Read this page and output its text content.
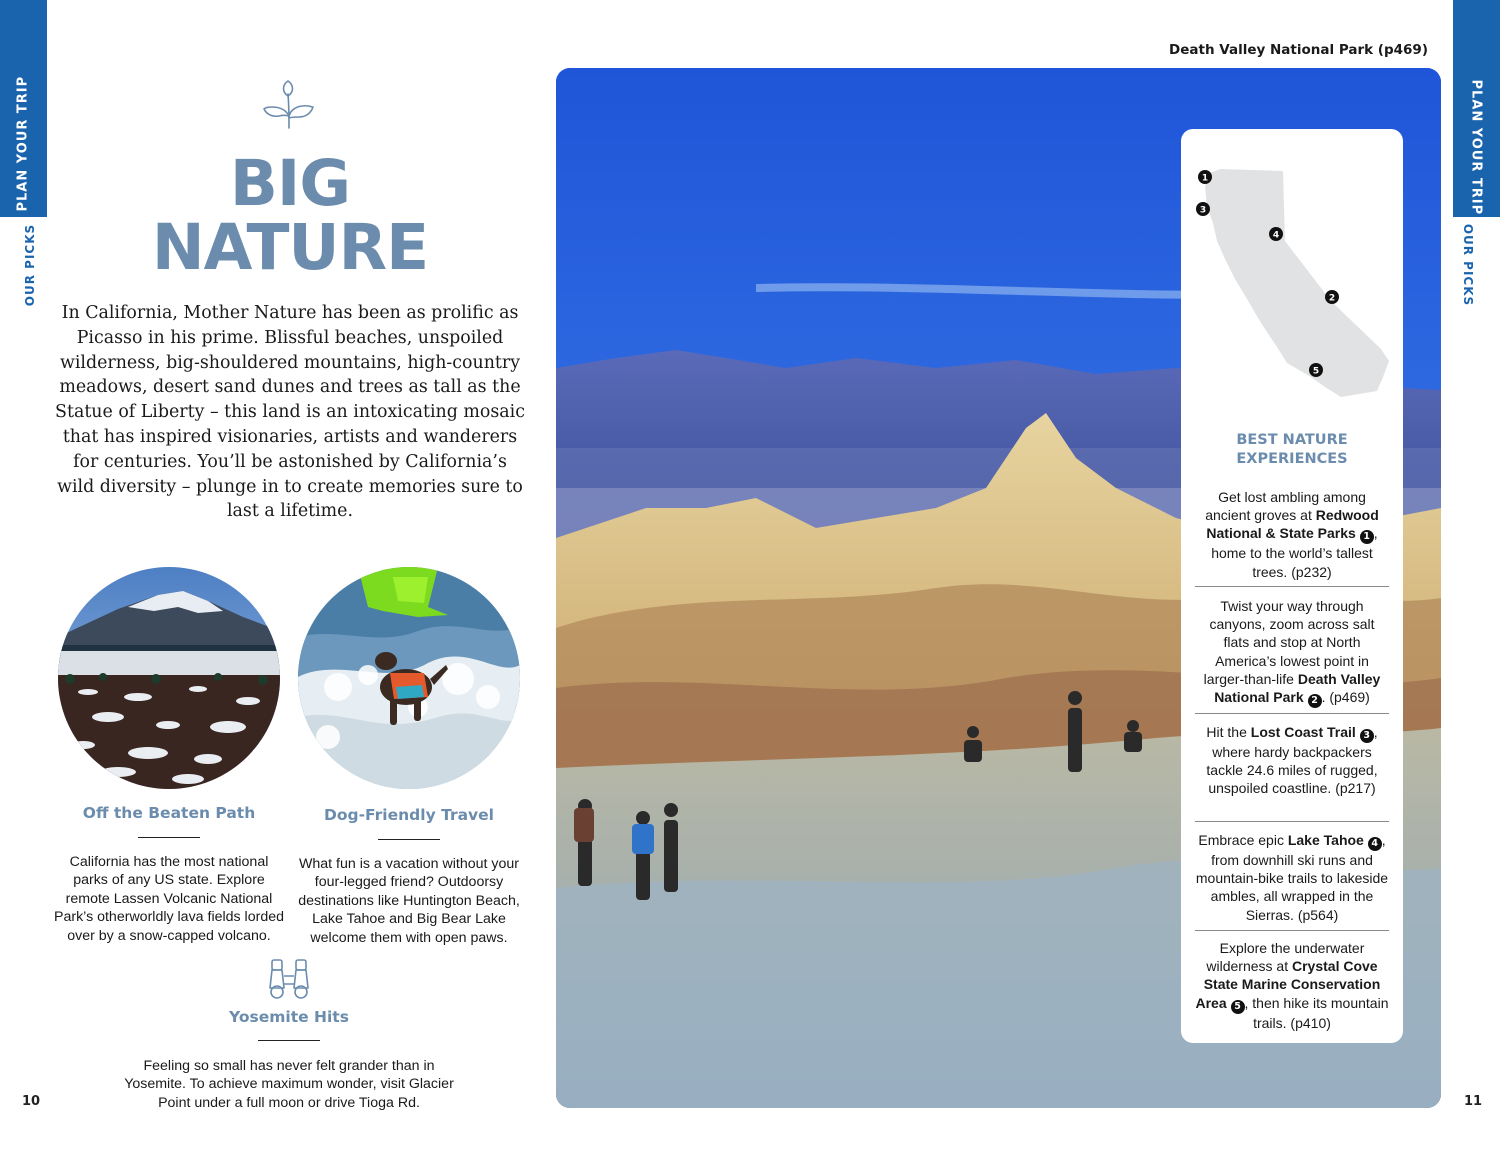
PLAN YOUR TRIP
OUR PICKS
10
PLAN YOUR TRIP
OUR PICKS
11
BIG
NATURE

In California, Mother Nature has been as prolific as Picasso in his prime. Blissful beaches, unspoiled wilderness, big-shouldered mountains, high-country meadows, desert sand dunes and trees as tall as the Statue of Liberty – this land is an intoxicating mosaic that has inspired visionaries, artists and wanderers for centuries. You’ll be astonished by California’s wild diversity – plunge in to create memories sure to last a lifetime.

Off the Beaten Path

California has the most national parks of any US state. Explore remote Lassen Volcanic National Park’s otherworldly lava fields lorded over by a snow-capped volcano.

Dog-Friendly Travel

What fun is a vacation without your four-legged friend? Outdoorsy destinations like Huntington Beach, Lake Tahoe and Big Bear Lake welcome them with open paws.

Yosemite Hits

Feeling so small has never felt grander than in Yosemite. To achieve maximum wonder, visit Glacier Point under a full moon or drive Tioga Rd.

Death Valley National Park (p469)
1
3
4
2
5
BEST NATURE
EXPERIENCES

Get lost ambling among ancient groves at Redwood National & State Parks 1 , home to the world’s tallest trees. (p232)

Twist your way through canyons, zoom across salt flats and stop at North America’s lowest point in larger-than-life Death Valley National Park 2 . (p469)

Hit the Lost Coast Trail 3 , where hardy backpackers tackle 24.6 miles of rugged, unspoiled coastline. (p217)

Embrace epic Lake Tahoe 4 , from downhill ski runs and mountain-bike trails to lakeside ambles, all wrapped in the Sierras. (p564)

Explore the underwater wilderness at Crystal Cove State Marine Conservation Area 5 , then hike its mountain trails. (p410)
